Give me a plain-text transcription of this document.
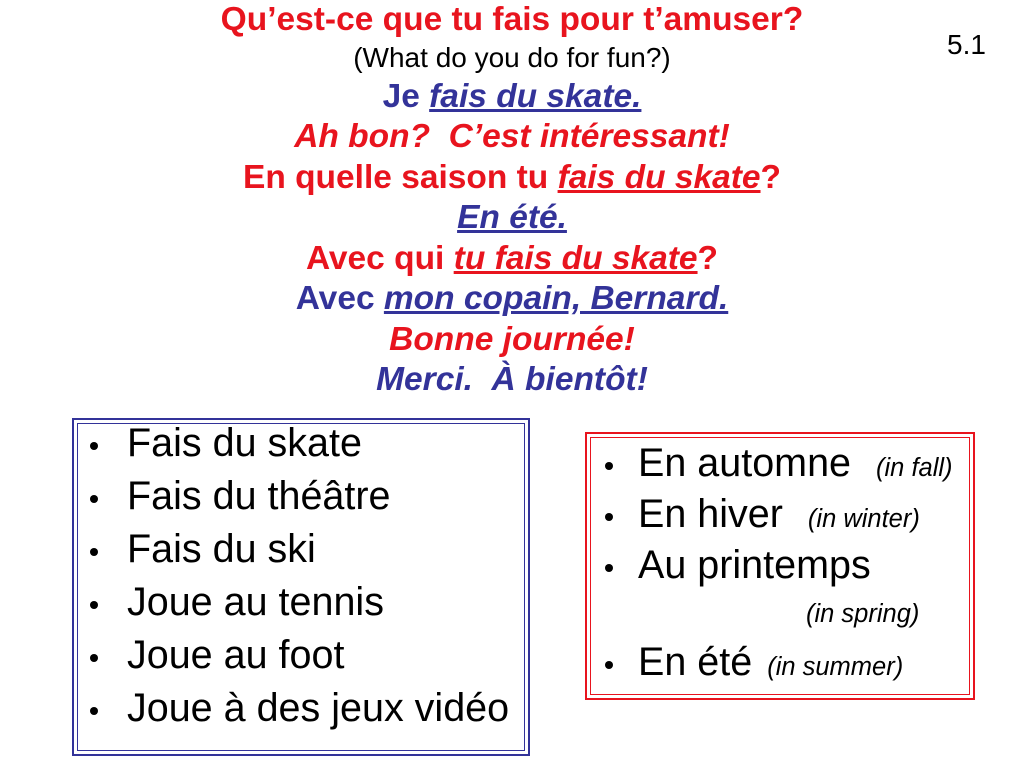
5.1
Qu’est-ce que tu fais pour t’amuser?
(What do you do for fun?)
Je fais du skate.
Ah bon?  C’est intéressant!
En quelle saison tu fais du skate?
En été.
Avec qui tu fais du skate?
Avec mon copain, Bernard.
Bonne journée!
Merci.  À bientôt!
Fais du skate
Fais du théâtre
Fais du ski
Joue au tennis
Joue au foot
Joue à des jeux vidéo
En automne (in fall)
En hiver (in winter)
Au printemps
(in spring)
En été (in summer)
